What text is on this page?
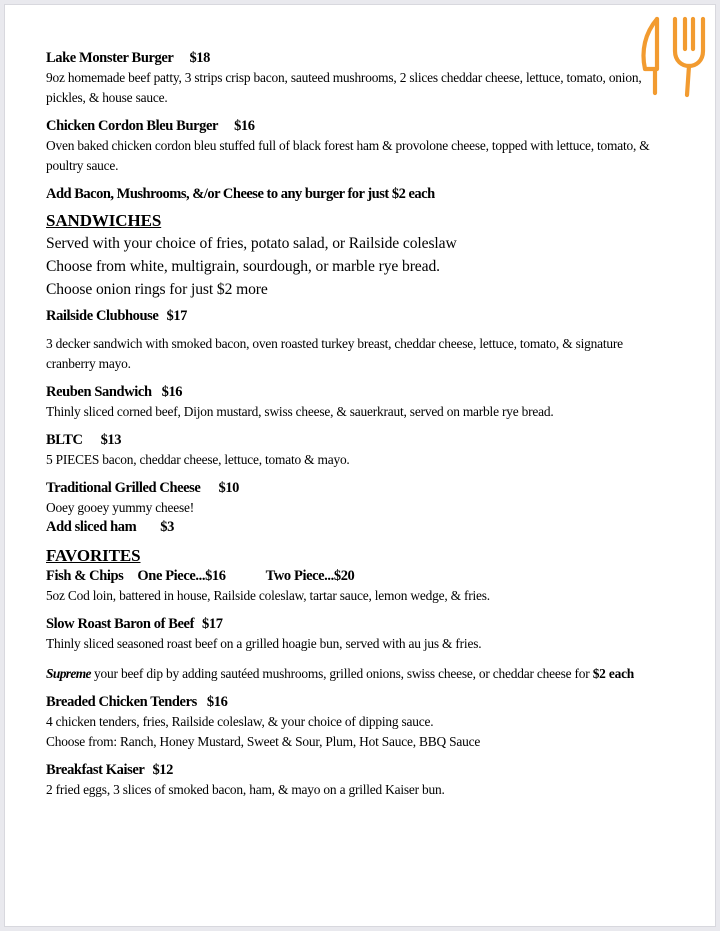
Lake Monster Burger $18
9oz homemade beef patty, 3 strips crisp bacon, sauteed mushrooms, 2 slices cheddar cheese, lettuce, tomato, onion, pickles, & house sauce.
Chicken Cordon Bleu Burger $16
Oven baked chicken cordon bleu stuffed full of black forest ham & provolone cheese, topped with lettuce, tomato, & poultry sauce.
Add Bacon, Mushrooms, &/or Cheese to any burger for just $2 each
SANDWICHES
Served with your choice of fries, potato salad, or Railside coleslaw
Choose from white, multigrain, sourdough, or marble rye bread.
Choose onion rings for just $2 more
Railside Clubhouse $17
3 decker sandwich with smoked bacon, oven roasted turkey breast, cheddar cheese, lettuce, tomato, & signature cranberry mayo.
Reuben Sandwich $16
Thinly sliced corned beef, Dijon mustard, swiss cheese, & sauerkraut, served on marble rye bread.
BLTC $13
5 PIECES bacon, cheddar cheese, lettuce, tomato & mayo.
Traditional Grilled Cheese $10
Ooey gooey yummy cheese!
Add sliced ham $3
FAVORITES
Fish & Chips One Piece...$16	Two Piece...$20
5oz Cod loin, battered in house, Railside coleslaw, tartar sauce, lemon wedge, & fries.
Slow Roast Baron of Beef $17
Thinly sliced seasoned roast beef on a grilled hoagie bun, served with au jus & fries.
Supreme your beef dip by adding sautéed mushrooms, grilled onions, swiss cheese, or cheddar cheese for $2 each
Breaded Chicken Tenders $16
4 chicken tenders, fries, Railside coleslaw, & your choice of dipping sauce.
Choose from: Ranch, Honey Mustard, Sweet & Sour, Plum, Hot Sauce, BBQ Sauce
Breakfast Kaiser $12
2 fried eggs, 3 slices of smoked bacon, ham, & mayo on a grilled Kaiser bun.
